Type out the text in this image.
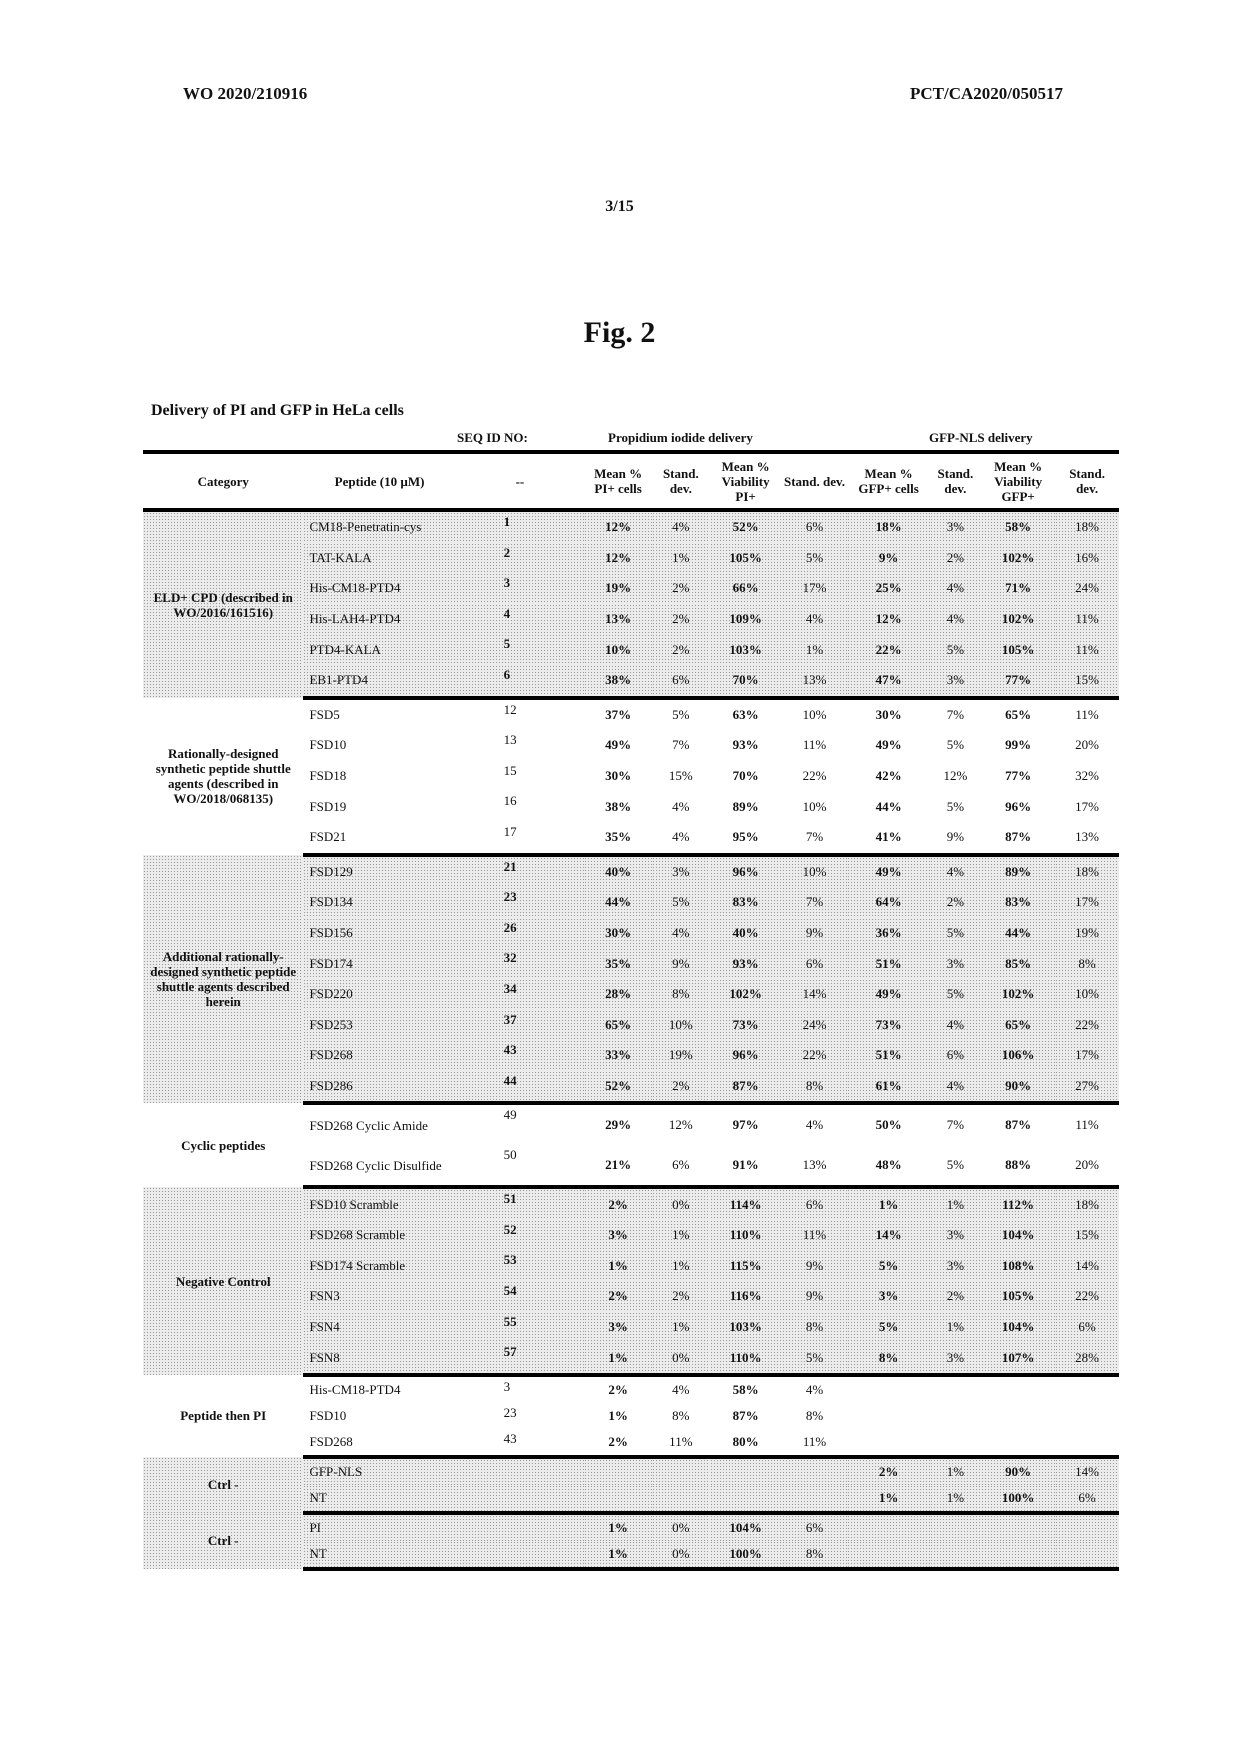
WO 2020/210916	PCT/CA2020/050517
3/15
Fig. 2
Delivery of PI and GFP in HeLa cells
SEQ ID NO:	Propidium iodide delivery	GFP-NLS delivery
Category	Peptide (10 µM)	--	Mean % PI+ cells	Stand. dev.	Mean % Viability PI+	Stand. dev.	Mean % GFP+ cells	Stand. dev.	Mean % Viability GFP+	Stand. dev.
ELD+ CPD (described in WO/2016/161516)	CM18-Penetratin-cys	1	12%	4%	52%	6%	18%	3%	58%	18%
	TAT-KALA	2	12%	1%	105%	5%	9%	2%	102%	16%
	His-CM18-PTD4	3	19%	2%	66%	17%	25%	4%	71%	24%
	His-LAH4-PTD4	4	13%	2%	109%	4%	12%	4%	102%	11%
	PTD4-KALA	5	10%	2%	103%	1%	22%	5%	105%	11%
	EB1-PTD4	6	38%	6%	70%	13%	47%	3%	77%	15%
Rationally-designed synthetic peptide shuttle agents (described in WO/2018/068135)	FSD5	12	37%	5%	63%	10%	30%	7%	65%	11%
	FSD10	13	49%	7%	93%	11%	49%	5%	99%	20%
	FSD18	15	30%	15%	70%	22%	42%	12%	77%	32%
	FSD19	16	38%	4%	89%	10%	44%	5%	96%	17%
	FSD21	17	35%	4%	95%	7%	41%	9%	87%	13%
Additional rationally-designed synthetic peptide shuttle agents described herein	FSD129	21	40%	3%	96%	10%	49%	4%	89%	18%
	FSD134	23	44%	5%	83%	7%	64%	2%	83%	17%
	FSD156	26	30%	4%	40%	9%	36%	5%	44%	19%
	FSD174	32	35%	9%	93%	6%	51%	3%	85%	8%
	FSD220	34	28%	8%	102%	14%	49%	5%	102%	10%
	FSD253	37	65%	10%	73%	24%	73%	4%	65%	22%
	FSD268	43	33%	19%	96%	22%	51%	6%	106%	17%
	FSD286	44	52%	2%	87%	8%	61%	4%	90%	27%
Cyclic peptides	FSD268 Cyclic Amide	49	29%	12%	97%	4%	50%	7%	87%	11%
	FSD268 Cyclic Disulfide	50	21%	6%	91%	13%	48%	5%	88%	20%
Negative Control	FSD10 Scramble	51	2%	0%	114%	6%	1%	1%	112%	18%
	FSD268 Scramble	52	3%	1%	110%	11%	14%	3%	104%	15%
	FSD174 Scramble	53	1%	1%	115%	9%	5%	3%	108%	14%
	FSN3	54	2%	2%	116%	9%	3%	2%	105%	22%
	FSN4	55	3%	1%	103%	8%	5%	1%	104%	6%
	FSN8	57	1%	0%	110%	5%	8%	3%	107%	28%
Peptide then PI	His-CM18-PTD4	3	2%	4%	58%	4%				
	FSD10	23	1%	8%	87%	8%				
	FSD268	43	2%	11%	80%	11%				
Ctrl -	GFP-NLS						2%	1%	90%	14%
	NT						1%	1%	100%	6%
Ctrl -	PI		1%	0%	104%	6%				
	NT		1%	0%	100%	8%				
